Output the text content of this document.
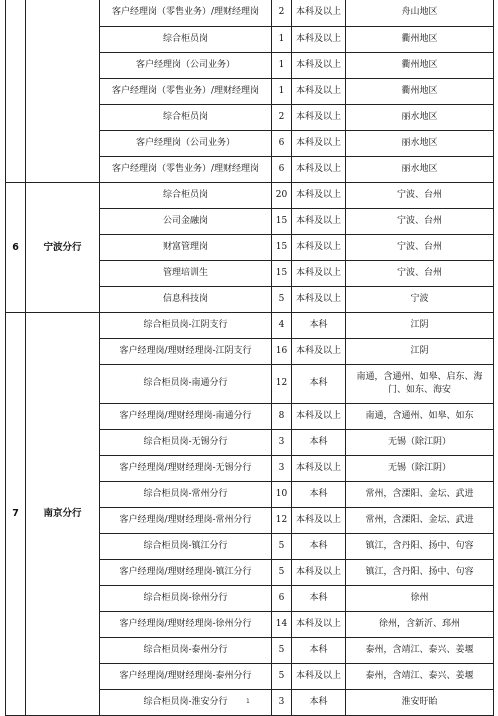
		客户经理岗（零售业务）/理财经理岗	2	本科及以上	舟山地区
		综合柜员岗	1	本科及以上	衢州地区
		客户经理岗（公司业务）	1	本科及以上	衢州地区
		客户经理岗（零售业务）/理财经理岗	1	本科及以上	衢州地区
		综合柜员岗	2	本科及以上	丽水地区
		客户经理岗（公司业务）	6	本科及以上	丽水地区
		客户经理岗（零售业务）/理财经理岗	6	本科及以上	丽水地区
6	宁波分行	综合柜员岗	20	本科及以上	宁波、台州
		公司金融岗	15	本科及以上	宁波、台州
		财富管理岗	15	本科及以上	宁波、台州
		管理培训生	15	本科及以上	宁波、台州
		信息科技岗	5	本科及以上	宁波
7	南京分行	综合柜员岗-江阴支行	4	本科	江阴
		客户经理岗/理财经理岗-江阴支行	16	本科及以上	江阴
		综合柜员岗-南通分行	12	本科	南通，含通州、如皋、启东、海门、如东、海安
		客户经理岗/理财经理岗-南通分行	8	本科及以上	南通，含通州、如皋、如东
		综合柜员岗-无锡分行	3	本科	无锡（除江阴）
		客户经理岗/理财经理岗-无锡分行	3	本科及以上	无锡（除江阴）
		综合柜员岗-常州分行	10	本科	常州，含溧阳、金坛、武进
		客户经理岗/理财经理岗-常州分行	12	本科及以上	常州，含溧阳、金坛、武进
		综合柜员岗-镇江分行	5	本科	镇江，含丹阳、扬中、句容
		客户经理岗/理财经理岗-镇江分行	5	本科及以上	镇江，含丹阳、扬中、句容
		综合柜员岗-徐州分行	6	本科	徐州
		客户经理岗/理财经理岗-徐州分行	14	本科及以上	徐州，含新沂、邳州
		综合柜员岗-泰州分行	5	本科	泰州，含靖江、泰兴、姜堰
		客户经理岗/理财经理岗-泰州分行	5	本科及以上	泰州，含靖江、泰兴、姜堰
		综合柜员岗-淮安分行	3	本科	淮安盱眙
1
